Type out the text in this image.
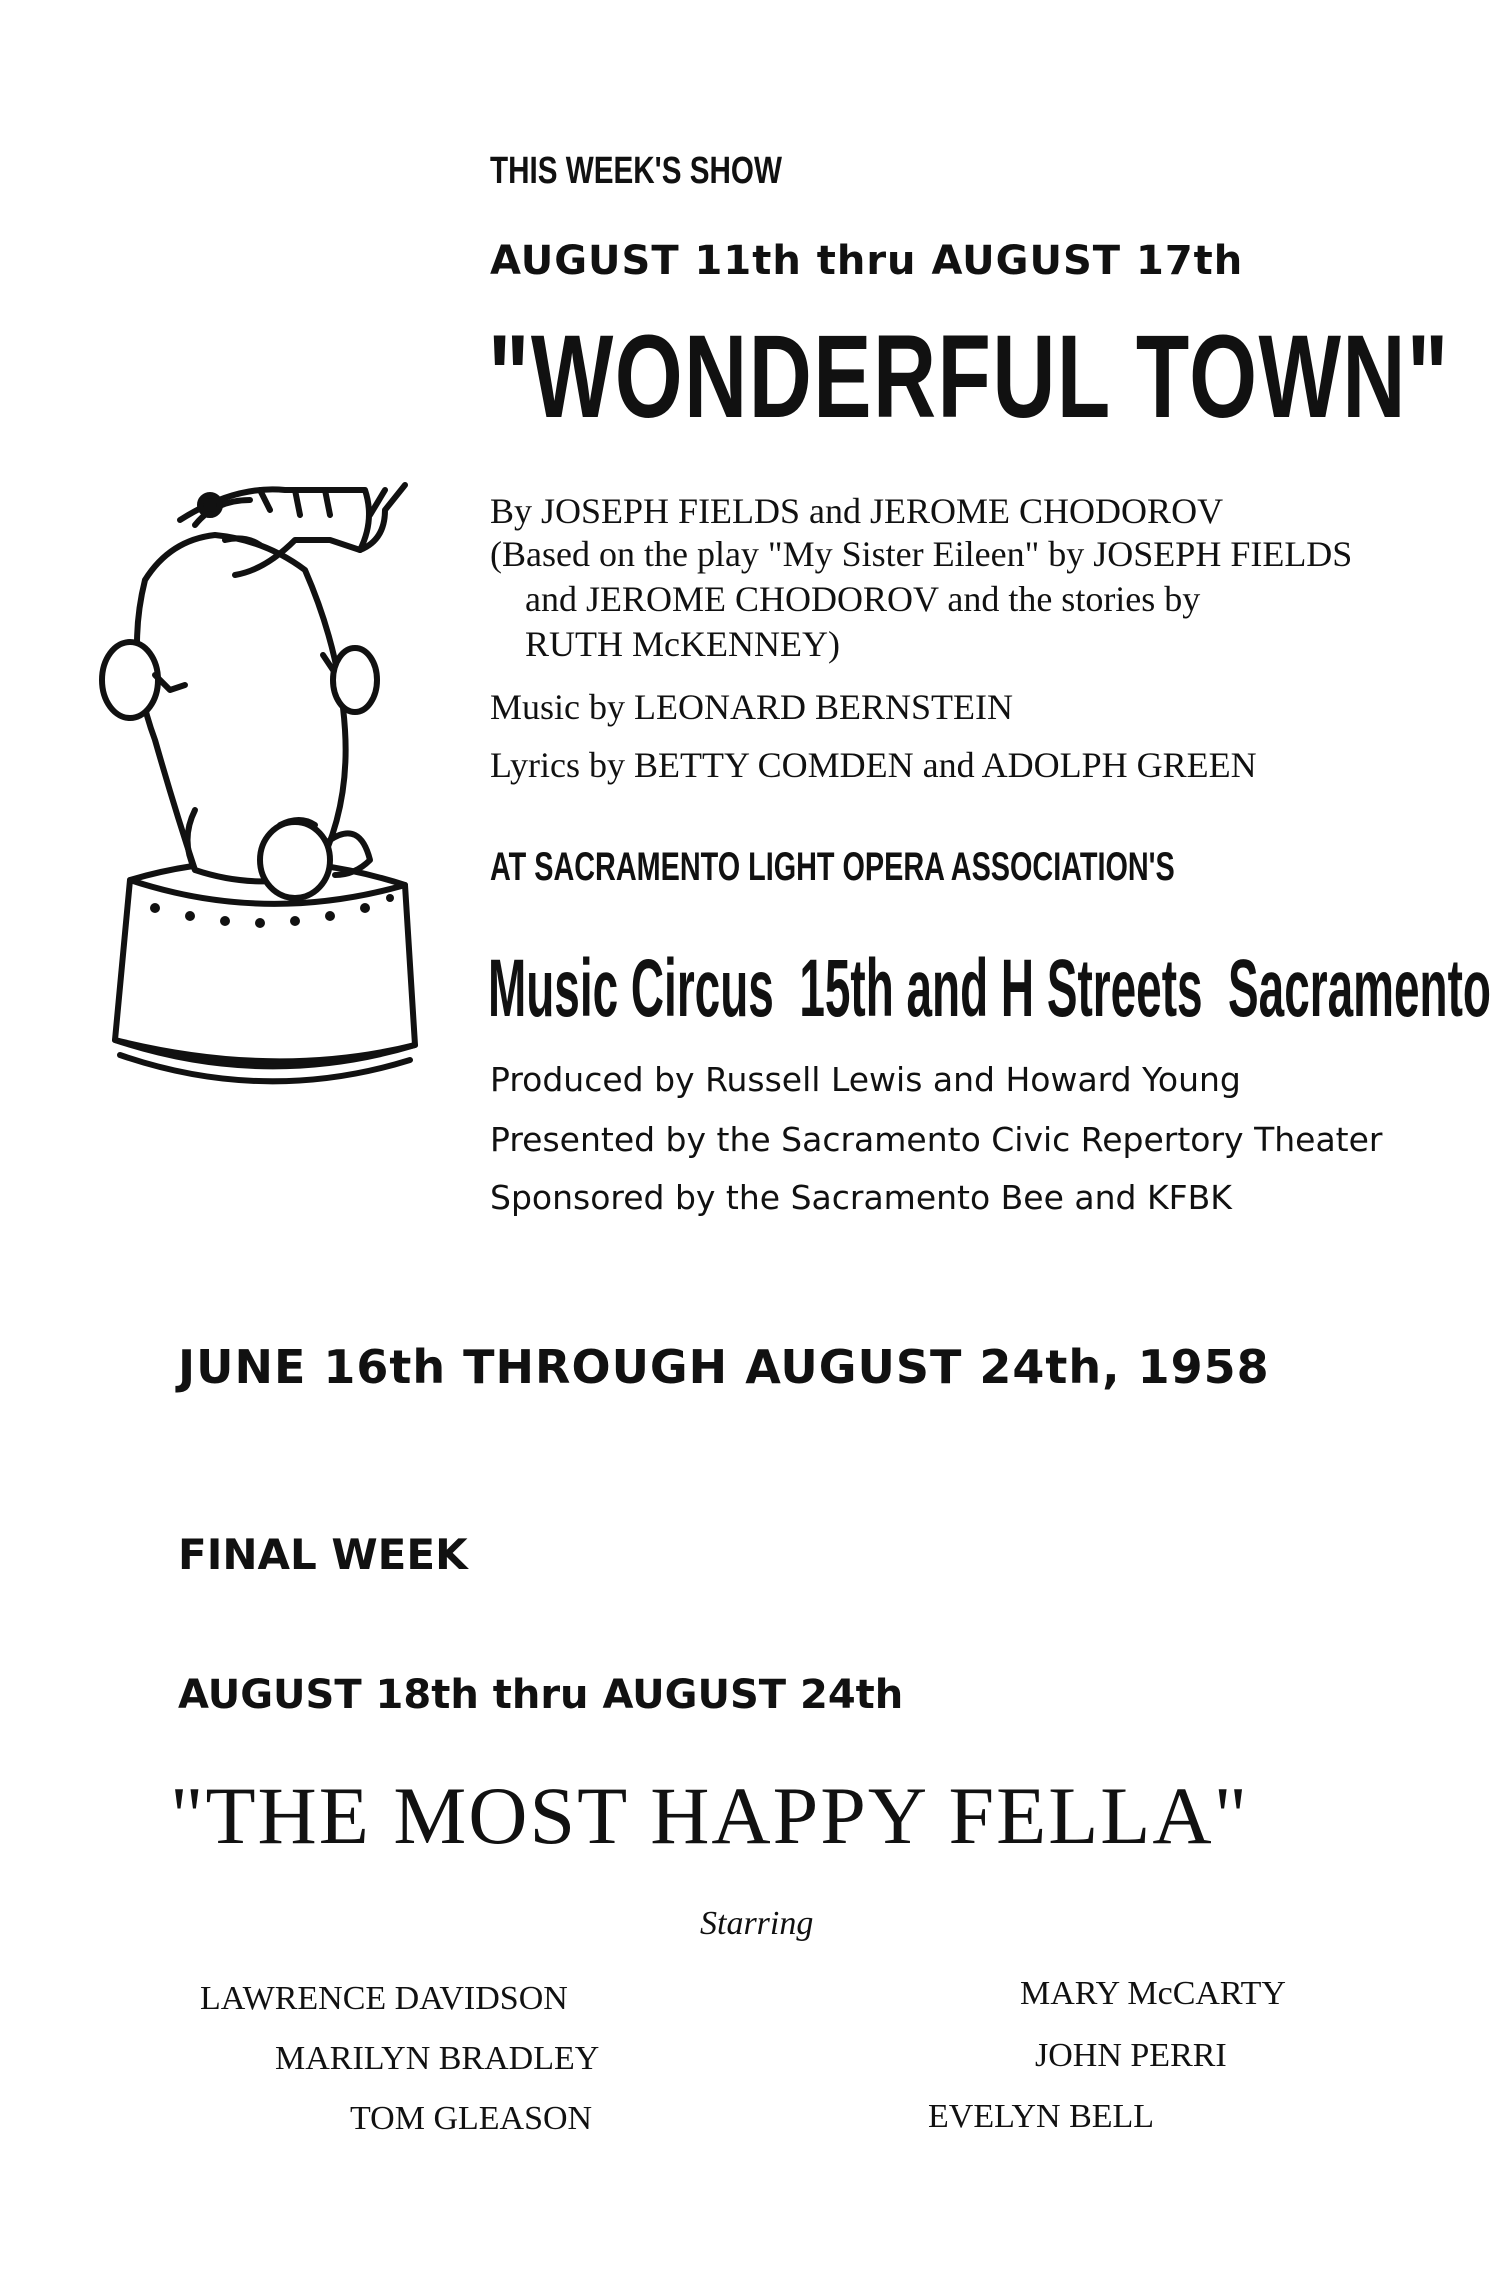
THIS WEEK'S SHOW
AUGUST 11th thru AUGUST 17th
"WONDERFUL TOWN"
By JOSEPH FIELDS and JEROME CHODOROV
(Based on the play "My Sister Eileen" by JOSEPH FIELDS
and JEROME CHODOROV and the stories by
RUTH McKENNEY)
Music by LEONARD BERNSTEIN
Lyrics by BETTY COMDEN and ADOLPH GREEN
AT SACRAMENTO LIGHT OPERA ASSOCIATION'S
Music Circus  15th and H Streets  Sacramento
Produced by Russell Lewis and Howard Young
Presented by the Sacramento Civic Repertory Theater
Sponsored by the Sacramento Bee and KFBK
JUNE 16th THROUGH AUGUST 24th, 1958
FINAL WEEK
AUGUST 18th thru AUGUST 24th
"THE MOST HAPPY FELLA"
Starring
LAWRENCE DAVIDSON
MARILYN BRADLEY
TOM GLEASON
MARY McCARTY
JOHN PERRI
EVELYN BELL
